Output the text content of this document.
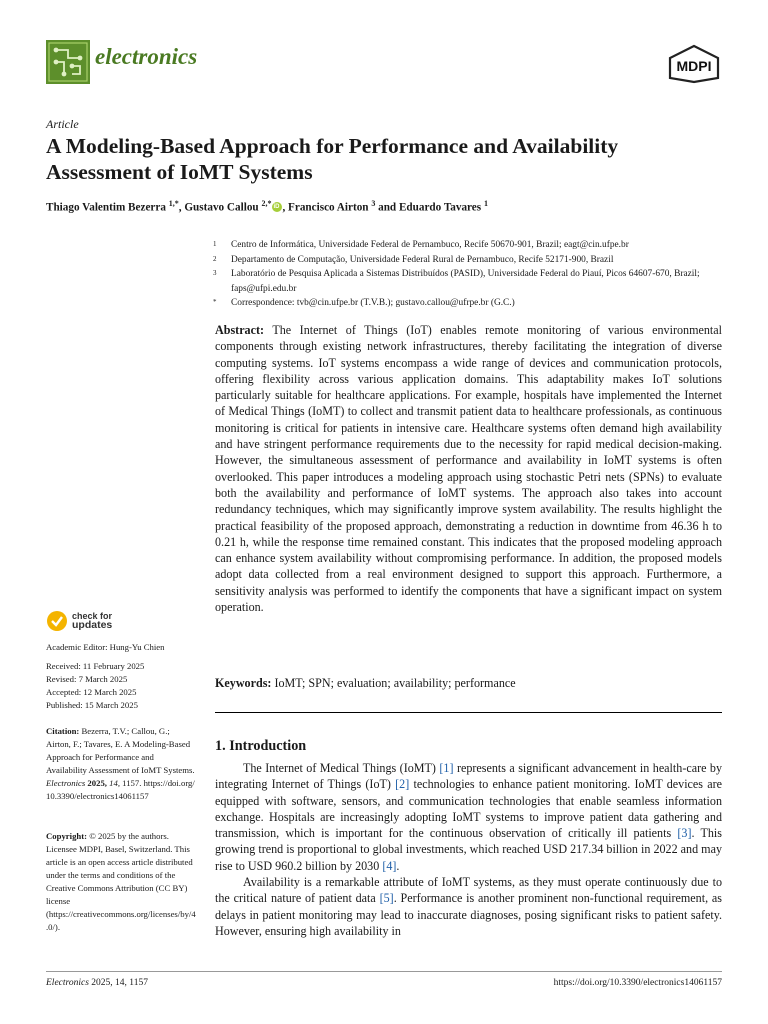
electronics	MDPI
Article
A Modeling-Based Approach for Performance and Availability Assessment of IoMT Systems
Thiago Valentim Bezerra $^{1,*}$, Gustavo Callou $^{2,*}$iD , Francisco Airton $^3$ and Eduardo Tavares $^1$
1	Centro de Informática, Universidade Federal de Pernambuco, Recife 50670-901, Brazil; eagt@cin.ufpe.br
2	Departamento de Computação, Universidade Federal Rural de Pernambuco, Recife 52171-900, Brazil
3	Laboratório de Pesquisa Aplicada a Sistemas Distribuídos (PASID), Universidade Federal do Piauí, Picos 64607-670, Brazil; faps@ufpi.edu.br
*	Correspondence: tvb@cin.ufpe.br (T.V.B.); gustavo.callou@ufrpe.br (G.C.)

Abstract: The Internet of Things (IoT) enables remote monitoring of various environmental components through existing network infrastructures, thereby facilitating the integration of diverse computing systems. IoT systems encompass a wide range of devices and communication protocols, offering flexibility across various application domains. This adaptability makes IoT solutions particularly suitable for healthcare applications. For example, hospitals have implemented the Internet of Medical Things (IoMT) to collect and transmit patient data to healthcare professionals, as continuous monitoring is critical for patients in intensive care. Healthcare systems often demand high availability and have stringent performance requirements due to the necessity for rapid medical decision-making. However, the simultaneous assessment of performance and availability in IoMT systems is often overlooked. This paper introduces a modeling approach using stochastic Petri nets (SPNs) to evaluate both the availability and performance of IoMT systems. The approach also takes into account redundancy techniques, which may significantly improve system availability. The results highlight the practical feasibility of the proposed approach, demonstrating a reduction in downtime from 46.36 h to 0.21 h, while the response time remained constant. This indicates that the proposed modeling approach can enhance system availability without compromising performance. In addition, the proposed models adopt data collected from a real environment designed to support this approach. Furthermore, a sensitivity analysis was performed to identify the components that have a significant impact on system operation.

Keywords: IoMT; SPN; evaluation; availability; performance
1. Introduction

The Internet of Medical Things (IoMT) [1] represents a significant advancement in health-care by integrating Internet of Things (IoT) [2] technologies to enhance patient monitoring. IoMT devices are equipped with software, sensors, and communication technologies that enable seamless information exchange. Hospitals are increasingly adopting IoMT systems to improve patient data gathering and transmission, which is important for the continuous observation of critically ill patients [3]. This growing trend is proportional to global investments, which reached USD 217.34 billion in 2022 and may rise to USD 960.2 billion by 2030 [4].

Availability is a remarkable attribute of IoMT systems, as they must operate continuously due to the critical nature of patient data [5]. Performance is another prominent non-functional requirement, as delays in patient monitoring may lead to inaccurate diagnoses, posing significant risks to patient safety. However, ensuring high availability in

check for
updates
Academic Editor: Hung-Yu Chien
Received: 11 February 2025
Revised: 7 March 2025
Accepted: 12 March 2025
Published: 15 March 2025
Citation: Bezerra, T.V.; Callou, G.; Airton, F.; Tavares, E. A Modeling-Based Approach for Performance and Availability Assessment of IoMT Systems. Electronics 2025, 14, 1157. https://doi.org/10.3390/electronics14061157
Copyright: © 2025 by the authors. Licensee MDPI, Basel, Switzerland. This article is an open access article distributed under the terms and conditions of the Creative Commons Attribution (CC BY) license (https://creativecommons.org/licenses/by/4.0/).
Electronics 2025, 14, 1157	https://doi.org/10.3390/electronics14061157
